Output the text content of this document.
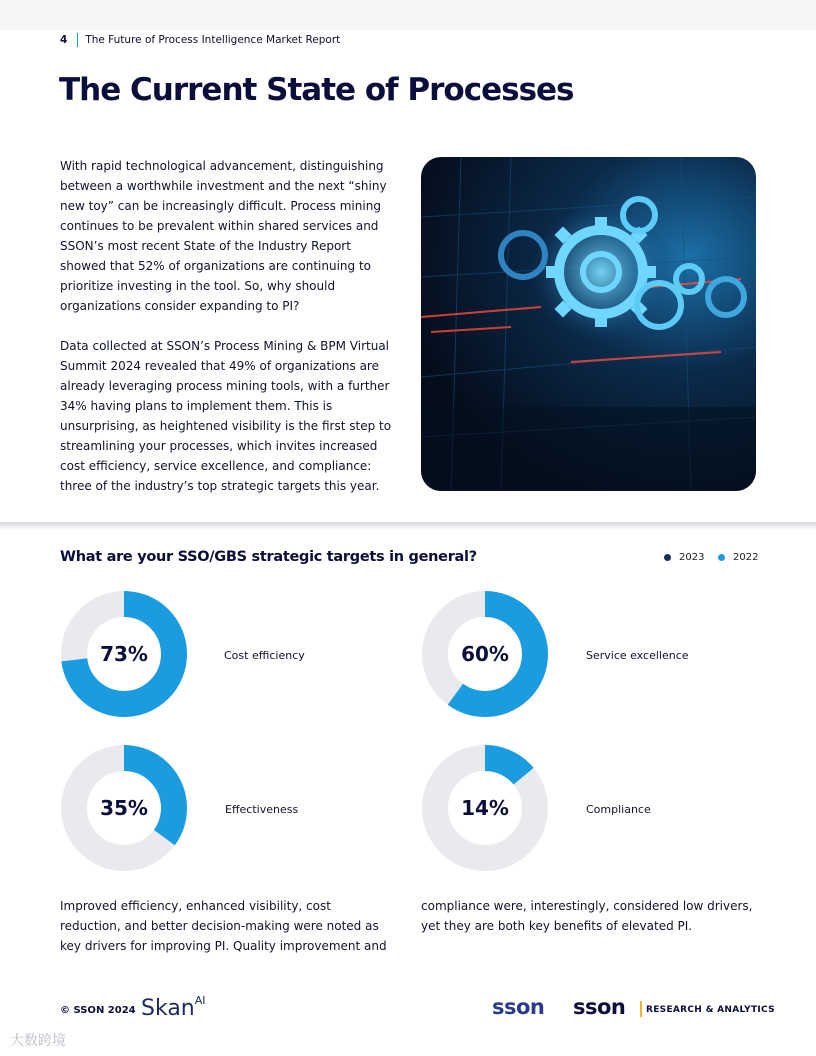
4 The Future of Process Intelligence Market Report
The Current State of Processes

With rapid technological advancement, distinguishing between a worthwhile investment and the next “shiny new toy” can be increasingly difficult. Process mining continues to be prevalent within shared services and SSON’s most recent State of the Industry Report showed that 52% of organizations are continuing to prioritize investing in the tool. So, why should organizations consider expanding to PI?

Data collected at SSON’s Process Mining & BPM Virtual Summit 2024 revealed that 49% of organizations are already leveraging process mining tools, with a further 34% having plans to implement them. This is unsurprising, as heightened visibility is the first step to streamlining your processes, which invites increased cost efficiency, service excellence, and compliance: three of the industry’s top strategic targets this year.

What are your SSO/GBS strategic targets in general?	2023	2022
73%	Cost efficiency	60%	Service excellence
35%	Effectiveness	14%	Compliance

Improved efficiency, enhanced visibility, cost reduction, and better decision-making were noted as key drivers for improving PI. Quality improvement and

compliance were, interestingly, considered low drivers, yet they are both key benefits of elevated PI.

© SSON 2024 Skan$^{AI}$	sson sson RESEARCH & ANALYTICS
大数跨境
